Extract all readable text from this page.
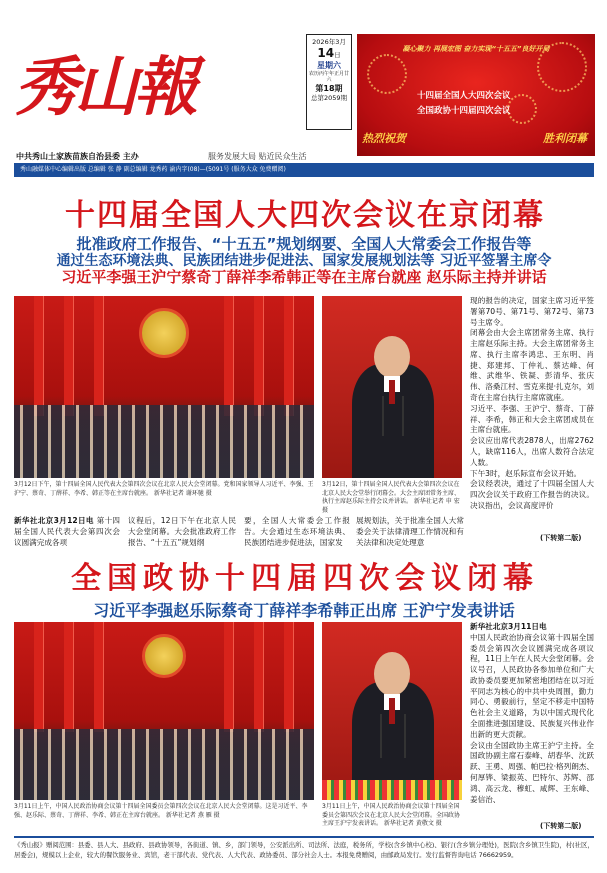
秀山報
2026年3月
14日
星期六
农历丙午年正月廿六
第18期
总第2059期
凝心聚力 再展宏图 奋力实现“十五五”良好开局
十四届全国人大四次会议
全国政协十四届四次会议
热烈祝贺	胜利闭幕
中共秀山土家族苗族自治县委 主办	服务发展大局 贴近民众生活
秀山融媒体中心编辑出版 总编辑 张 静 副总编辑 龙秀药 渝内字(08)—(5091号 (服务大众 免费赠阅)
十四届全国人大四次会议在京闭幕
批准政府工作报告、“十五五”规划纲要、全国人大常委会工作报告等
通过生态环境法典、民族团结进步促进法、国家发展规划法等 习近平签署主席令
习近平李强王沪宁蔡奇丁薛祥李希韩正等在主席台就座 赵乐际主持并讲话
3月12日下午，第十四届全国人民代表大会第四次会议在北京人民大会堂闭幕。党和国家领导人习近平、李强、王沪宁、蔡奇、丁薛祥、李希、韩正等在主席台就座。 新华社记者 谢环驰 摄
3月12日，第十四届全国人民代表大会第四次会议在北京人民大会堂举行闭幕会。大会主席团常务主席、执行主席赵乐际主持会议并讲话。 新华社记者 申 宏 摄
现的报告的决定，国家主席习近平签署第70号、第71号、第72号、第73号主席令。
闭幕会由大会主席团常务主席、执行主席赵乐际主持。大会主席团常务主席、执行主席李鸿忠、王东明、肖捷、郑建邦、丁仲礼、蔡达峰、何维、武维华、铁凝、彭清华、张庆伟、洛桑江村、雪克来提·扎克尔，刘奇在主席台执行主席席就座。
习近平、李强、王沪宁、蔡奇、丁薛祥、李希，韩正和大会主席团成员在主席台就座。
会议应出席代表2878人，出席2762人，缺席116人，出席人数符合法定人数。
下午3时，赵乐际宣布会议开始。
会议经表决，通过了十四届全国人大四次会议关于政府工作报告的决议。决议指出，会议高度评价
(下转第二版)
新华社北京3月12日电 第十四届全国人民代表大会第四次会议圆满完成各项
议程后，12日下午在北京人民大会堂闭幕。大会批准政府工作报告、“十五五”规划纲
要，全国人大常委会工作报告。大会通过生态环境法典、民族团结进步促进法，国家发
展规划法，关于批准全国人大常委会关于法律清理工作情况和有关法律和决定处理意
全国政协十四届四次会议闭幕
习近平李强赵乐际蔡奇丁薛祥李希韩正出席 王沪宁发表讲话
3月11日上午，中国人民政治协商会议第十四届全国委员会第四次会议在北京人民大会堂闭幕。这是习近平、李强、赵乐际、蔡奇、丁薛祥、李希、韩正在主席台就座。 新华社记者 燕 雁 摄
3月11日上午，中国人民政治协商会议第十四届全国委员会第四次会议在北京人民大会堂闭幕。全国政协主席王沪宁发表讲话。 新华社记者 黄敬文 摄
新华社北京3月11日电
中国人民政治协商会议第十四届全国委员会第四次会议圆满完成各项议程，11日上午在人民大会堂闭幕。会议号召，人民政协各参加单位和广大政协委员要更加紧密地团结在以习近平同志为核心的中共中央周围，勤力同心、勇毅前行，坚定不移走中国特色社会主义道路，为以中国式现代化全面推进强国建设、民族复兴伟业作出新的更大贡献。
会议由全国政协主席王沪宁主持。全国政协副主席石泰峰、胡春华、沈跃跃、王勇、周强、帕巴拉·格列朗杰、何厚铧、梁振英、巴特尔、苏辉、邵鸿、高云龙、穆虹、咸辉、王东峰、姜信治、
(下转第二版)
《秀山报》赠阅范围：县委、县人大、县政府、县政协领导，各街道、镇、乡，部门领导，公安派出所、司法所、法庭，税务所，学校(含乡镇中心校)、银行(含乡镇分理处)，医院(含乡镇卫生院)，村(社区，居委会)，规模以上企业，较大的餐饮服务业、宾馆，老干部代表、党代表、人大代表、政协委员、部分社会人士。本报免费赠阅，由邮政局发行。发行监督咨询电话 76662959。
